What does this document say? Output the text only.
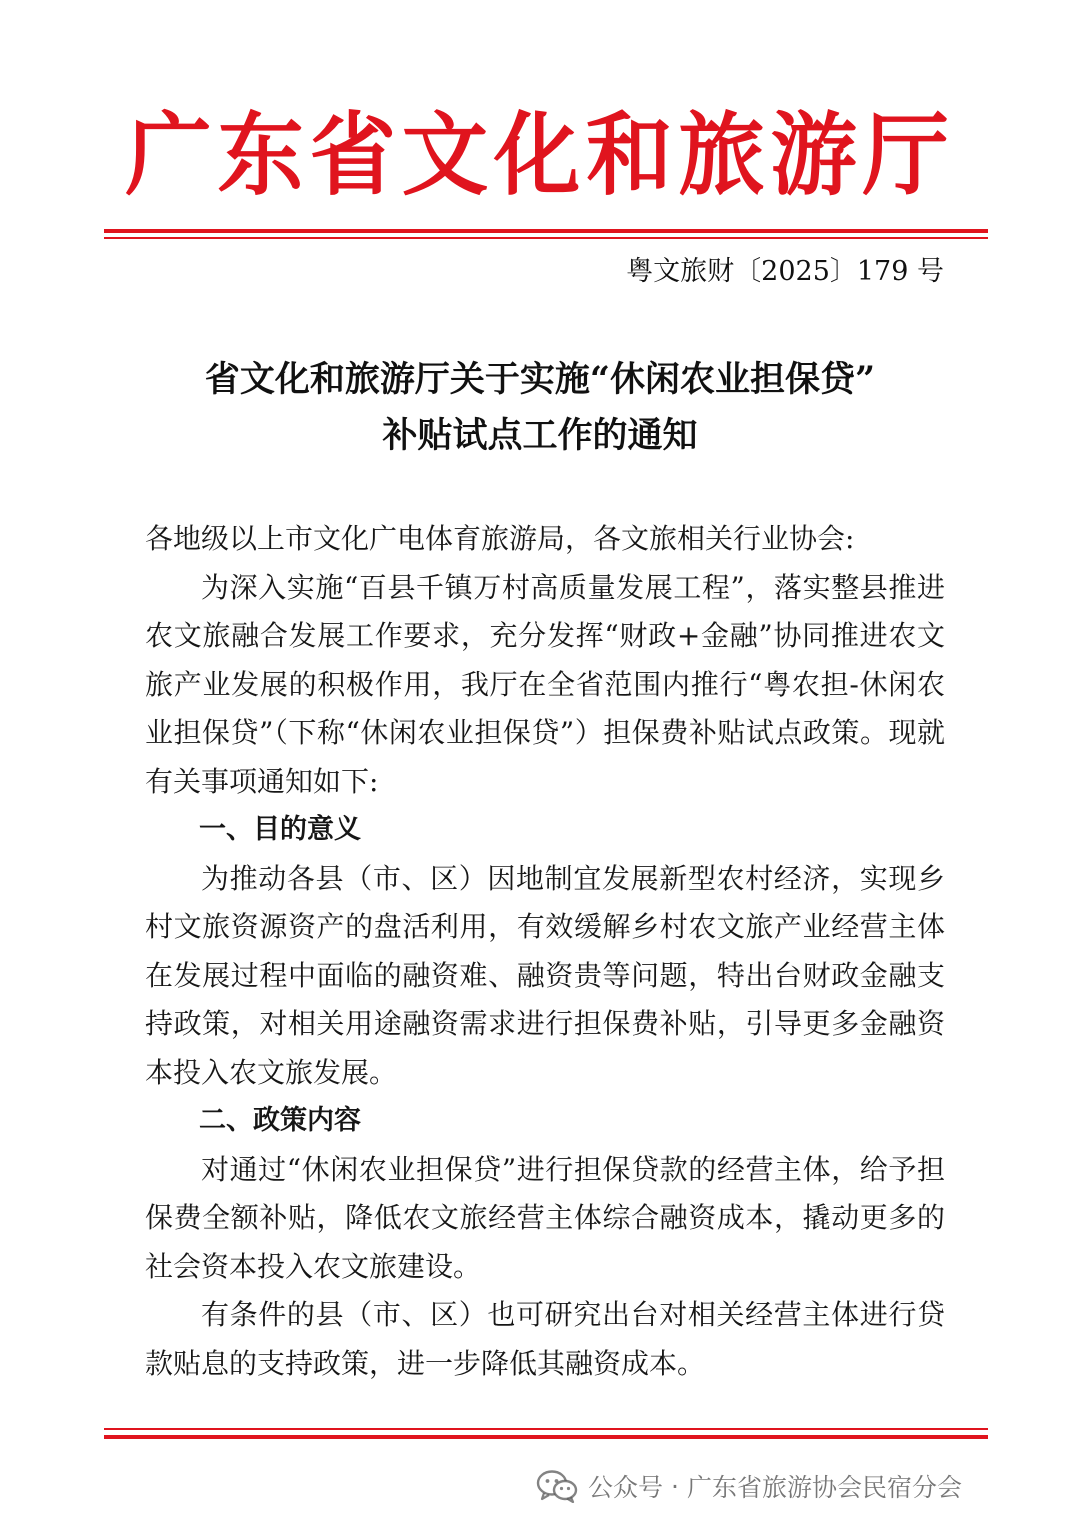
广东省文化和旅游厅
粤文旅财〔2025〕179 号
省文化和旅游厅关于实施“休闲农业担保贷”
补贴试点工作的通知

各地级以上市文化广电体育旅游局，各文旅相关行业协会:

为深入实施“百县千镇万村高质量发展工程”，落实整县推进农文旅融合发展工作要求，充分发挥“财政+金融”协同推进农文旅产业发展的积极作用，我厅在全省范围内推行“粤农担-休闲农业担保贷”（下称“休闲农业担保贷”）担保费补贴试点政策。现就有关事项通知如下:

一、目的意义

为推动各县（市、区）因地制宜发展新型农村经济，实现乡村文旅资源资产的盘活利用，有效缓解乡村农文旅产业经营主体在发展过程中面临的融资难、融资贵等问题，特出台财政金融支持政策，对相关用途融资需求进行担保费补贴，引导更多金融资本投入农文旅发展。

二、政策内容

对通过“休闲农业担保贷”进行担保贷款的经营主体，给予担保费全额补贴，降低农文旅经营主体综合融资成本，撬动更多的社会资本投入农文旅建设。

有条件的县（市、区）也可研究出台对相关经营主体进行贷款贴息的支持政策，进一步降低其融资成本。

公众号 · 广东省旅游协会民宿分会
